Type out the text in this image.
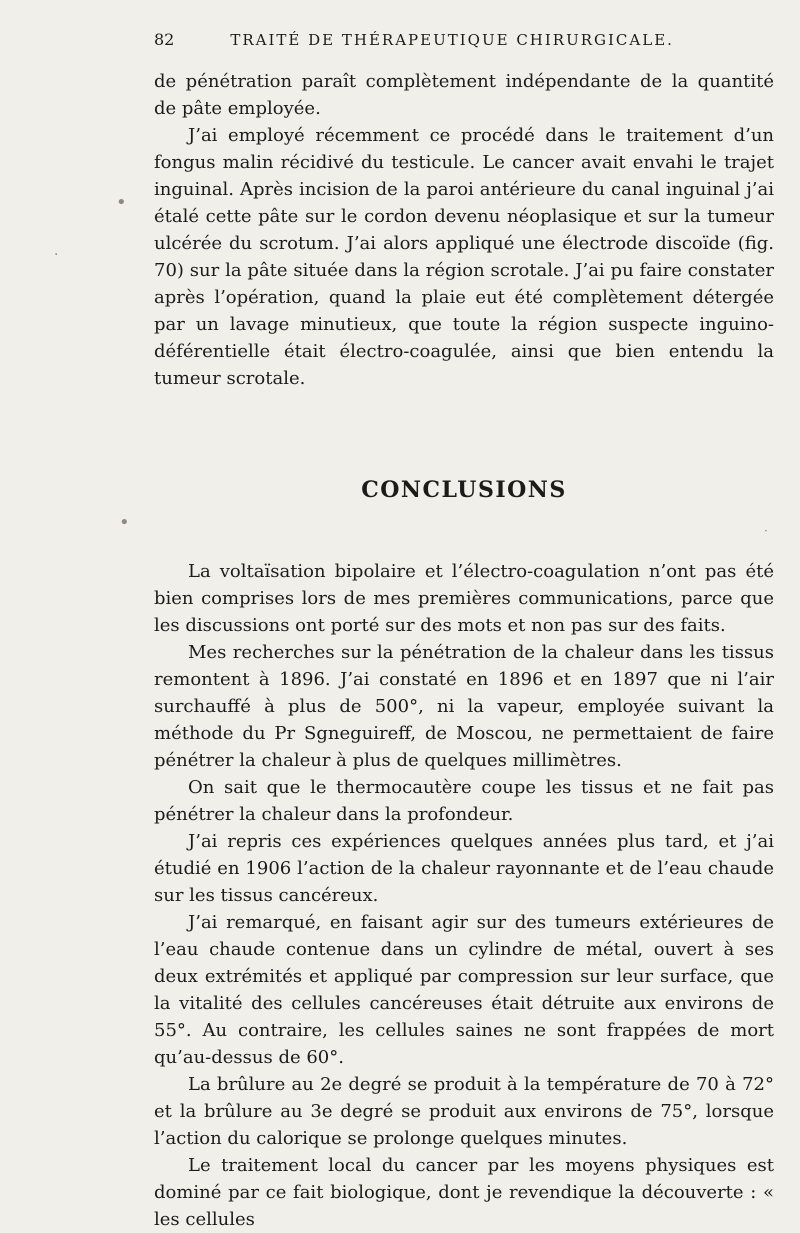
82	TRAITÉ DE THÉRAPEUTIQUE CHIRURGICALE.

de pénétration paraît complètement indépendante de la quantité de pâte employée.

J’ai employé récemment ce procédé dans le traitement d’un fongus malin récidivé du testicule. Le cancer avait envahi le trajet inguinal. Après incision de la paroi antérieure du canal inguinal j’ai étalé cette pâte sur le cordon devenu néoplasique et sur la tumeur ulcérée du scrotum. J’ai alors appliqué une électrode discoïde (fig. 70) sur la pâte située dans la région scrotale. J’ai pu faire constater après l’opération, quand la plaie eut été complètement détergée par un lavage minutieux, que toute la région suspecte inguino-déférentielle était électro-coagulée, ainsi que bien entendu la tumeur scrotale.

CONCLUSIONS

La voltaïsation bipolaire et l’électro-coagulation n’ont pas été bien comprises lors de mes premières communications, parce que les discussions ont porté sur des mots et non pas sur des faits.

Mes recherches sur la pénétration de la chaleur dans les tissus remontent à 1896. J’ai constaté en 1896 et en 1897 que ni l’air surchauffé à plus de 500°, ni la vapeur, employée suivant la méthode du Pr Sgneguireff, de Moscou, ne permettaient de faire pénétrer la chaleur à plus de quelques millimètres.

On sait que le thermocautère coupe les tissus et ne fait pas pénétrer la chaleur dans la profondeur.

J’ai repris ces expériences quelques années plus tard, et j’ai étudié en 1906 l’action de la chaleur rayonnante et de l’eau chaude sur les tissus cancéreux.

J’ai remarqué, en faisant agir sur des tumeurs extérieures de l’eau chaude contenue dans un cylindre de métal, ouvert à ses deux extrémités et appliqué par compression sur leur surface, que la vitalité des cellules cancéreuses était détruite aux environs de 55°. Au contraire, les cellules saines ne sont frappées de mort qu’au-dessus de 60°.

La brûlure au 2e degré se produit à la température de 70 à 72° et la brûlure au 3e degré se produit aux environs de 75°, lorsque l’action du calorique se prolonge quelques minutes.

Le traitement local du cancer par les moyens physiques est dominé par ce fait biologique, dont je revendique la découverte : « les cellules

•
·
•	·
